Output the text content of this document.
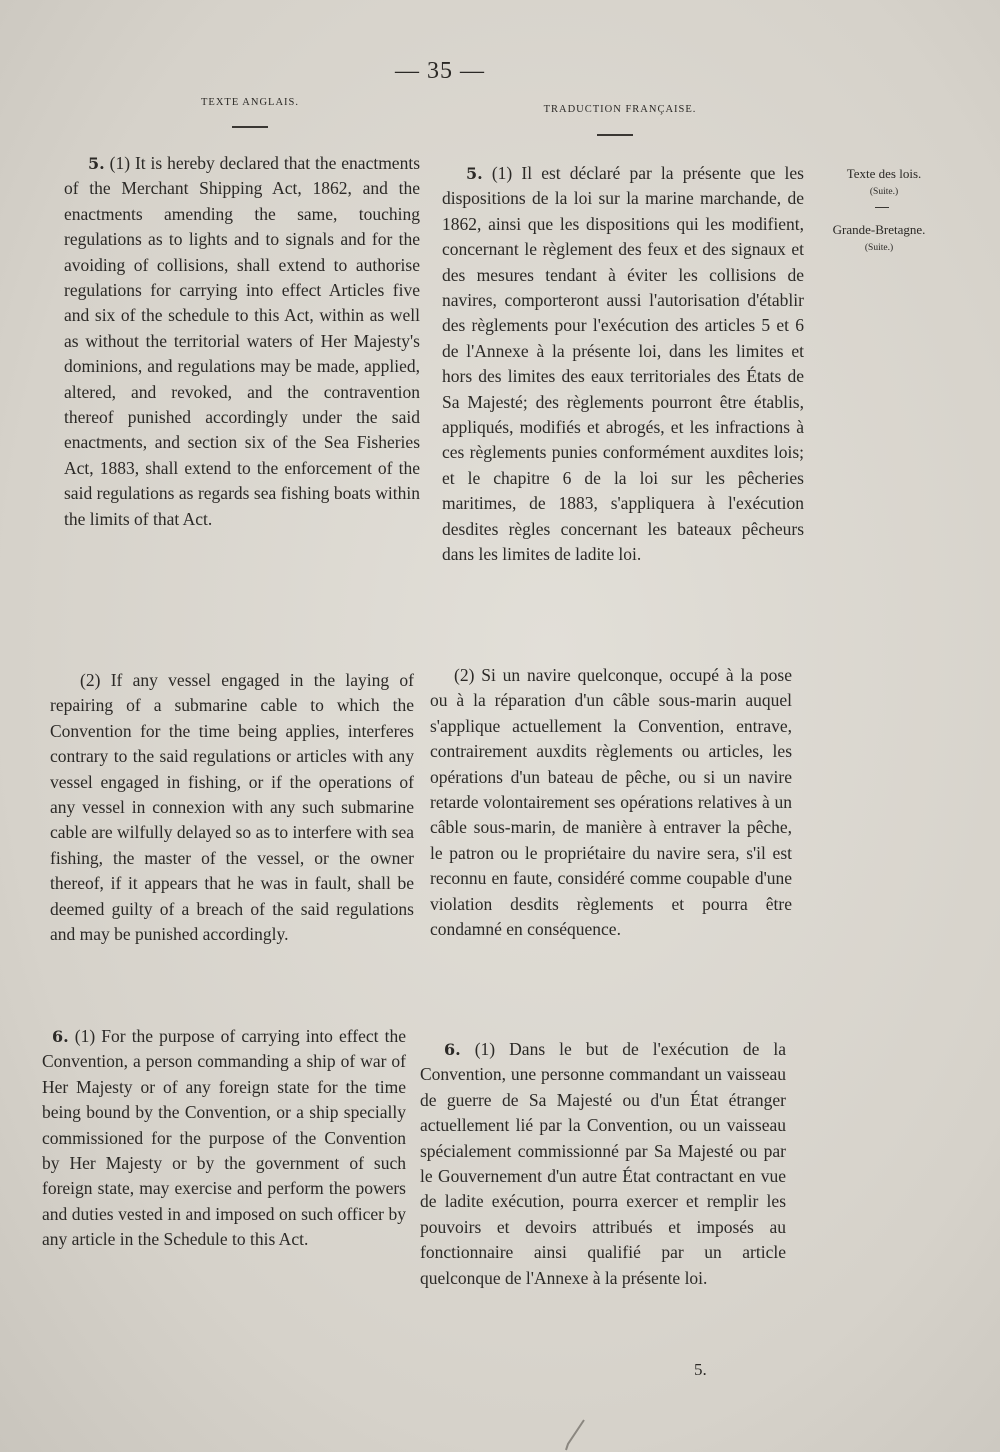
— 35 —
TEXTE ANGLAIS.
TRADUCTION FRANÇAISE.
5. (1) It is hereby declared that the enactments of the Merchant Shipping Act, 1862, and the enactments amending the same, touching regulations as to lights and to signals and for the avoiding of collisions, shall extend to authorise regulations for carrying into effect Articles five and six of the schedule to this Act, within as well as without the territorial waters of Her Majesty's dominions, and regulations may be made, applied, altered, and revoked, and the contravention thereof punished accordingly under the said enactments, and section six of the Sea Fisheries Act, 1883, shall extend to the enforcement of the said regulations as regards sea fishing boats within the limits of that Act.
(2) If any vessel engaged in the laying of repairing of a submarine cable to which the Convention for the time being applies, interferes contrary to the said regulations or articles with any vessel engaged in fishing, or if the operations of any vessel in connexion with any such submarine cable are wilfully delayed so as to interfere with sea fishing, the master of the vessel, or the owner thereof, if it appears that he was in fault, shall be deemed guilty of a breach of the said regulations and may be punished accordingly.
6. (1) For the purpose of carrying into effect the Convention, a person commanding a ship of war of Her Majesty or of any foreign state for the time being bound by the Convention, or a ship specially commissioned for the purpose of the Convention by Her Majesty or by the government of such foreign state, may exercise and perform the powers and duties vested in and imposed on such officer by any article in the Schedule to this Act.
5. (1) Il est déclaré par la présente que les dispositions de la loi sur la marine marchande, de 1862, ainsi que les dispositions qui les modifient, concernant le règlement des feux et des signaux et des mesures tendant à éviter les collisions de navires, comporteront aussi l'autorisation d'établir des règlements pour l'exécution des articles 5 et 6 de l'Annexe à la présente loi, dans les limites et hors des limites des eaux territoriales des États de Sa Majesté; des règlements pourront être établis, appliqués, modifiés et abrogés, et les infractions à ces règlements punies conformément auxdites lois; et le chapitre 6 de la loi sur les pêcheries maritimes, de 1883, s'appliquera à l'exécution desdites règles concernant les bateaux pêcheurs dans les limites de ladite loi.
(2) Si un navire quelconque, occupé à la pose ou à la réparation d'un câble sous-marin auquel s'applique actuellement la Convention, entrave, contrairement auxdits règlements ou articles, les opérations d'un bateau de pêche, ou si un navire retarde volontairement ses opérations relatives à un câble sous-marin, de manière à entraver la pêche, le patron ou le propriétaire du navire sera, s'il est reconnu en faute, considéré comme coupable d'une violation desdits règlements et pourra être condamné en conséquence.
6. (1) Dans le but de l'exécution de la Convention, une personne commandant un vaisseau de guerre de Sa Majesté ou d'un État étranger actuellement lié par la Convention, ou un vaisseau spécialement commissionné par Sa Majesté ou par le Gouvernement d'un autre État contractant en vue de ladite exécution, pourra exercer et remplir les pouvoirs et devoirs attribués et imposés au fonctionnaire ainsi qualifié par un article quelconque de l'Annexe à la présente loi.
Texte des lois.
(Suite.)
Grande-Bretagne.
(Suite.)
5.
